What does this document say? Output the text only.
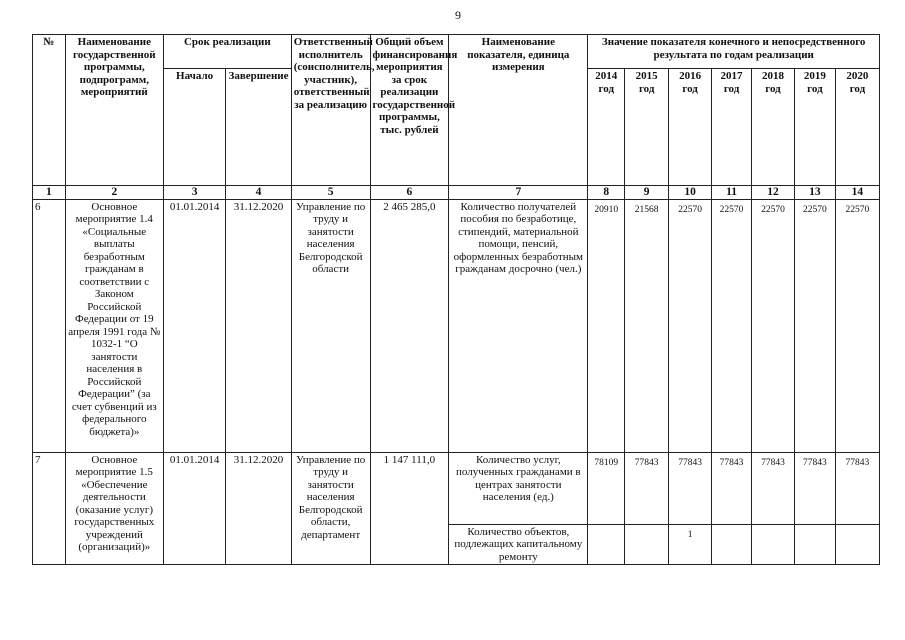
9
№	Наименование государственной программы, подпрограмм, мероприятий	Срок реализации		Ответственный исполнитель (соисполнитель, участник), ответственный за реализацию	Общий объем финансирования мероприятия за срок реализации государственной программы, тыс. рублей	Наименование показателя, единица измерения	Значение показателя конечного и непосредственного результата по годам реализации						
		Начало	Завершение				2014 год	2015 год	2016 год	2017 год	2018 год	2019 год	2020 год
1	2	3	4	5	6	7	8	9	10	11	12	13	14
6	Основное мероприятие 1.4 «Социальные выплаты безработным гражданам в соответствии с Законом Российской Федерации от 19 апреля 1991 года № 1032-1 “О занятости населения в Российской Федерации” (за счет субвенций из федерального бюджета)»	01.01.2014	31.12.2020	Управление по труду и занятости населения Белгородской области	2 465 285,0	Количество получателей пособия по безработице, стипендий, материальной помощи, пенсий, оформленных безработным гражданам досрочно (чел.)	20910	21568	22570	22570	22570	22570	22570
7	Основное мероприятие 1.5 «Обеспечение деятельности (оказание услуг) государственных учреждений (организаций)»	01.01.2014	31.12.2020	Управление по труду и занятости населения Белгородской области, департамент	1 147 111,0	Количество услуг, полученных гражданами в центрах занятости населения (ед.)	78109	77843	77843	77843	77843	77843	77843
						Количество объектов, подлежащих капитальному ремонту			1				
